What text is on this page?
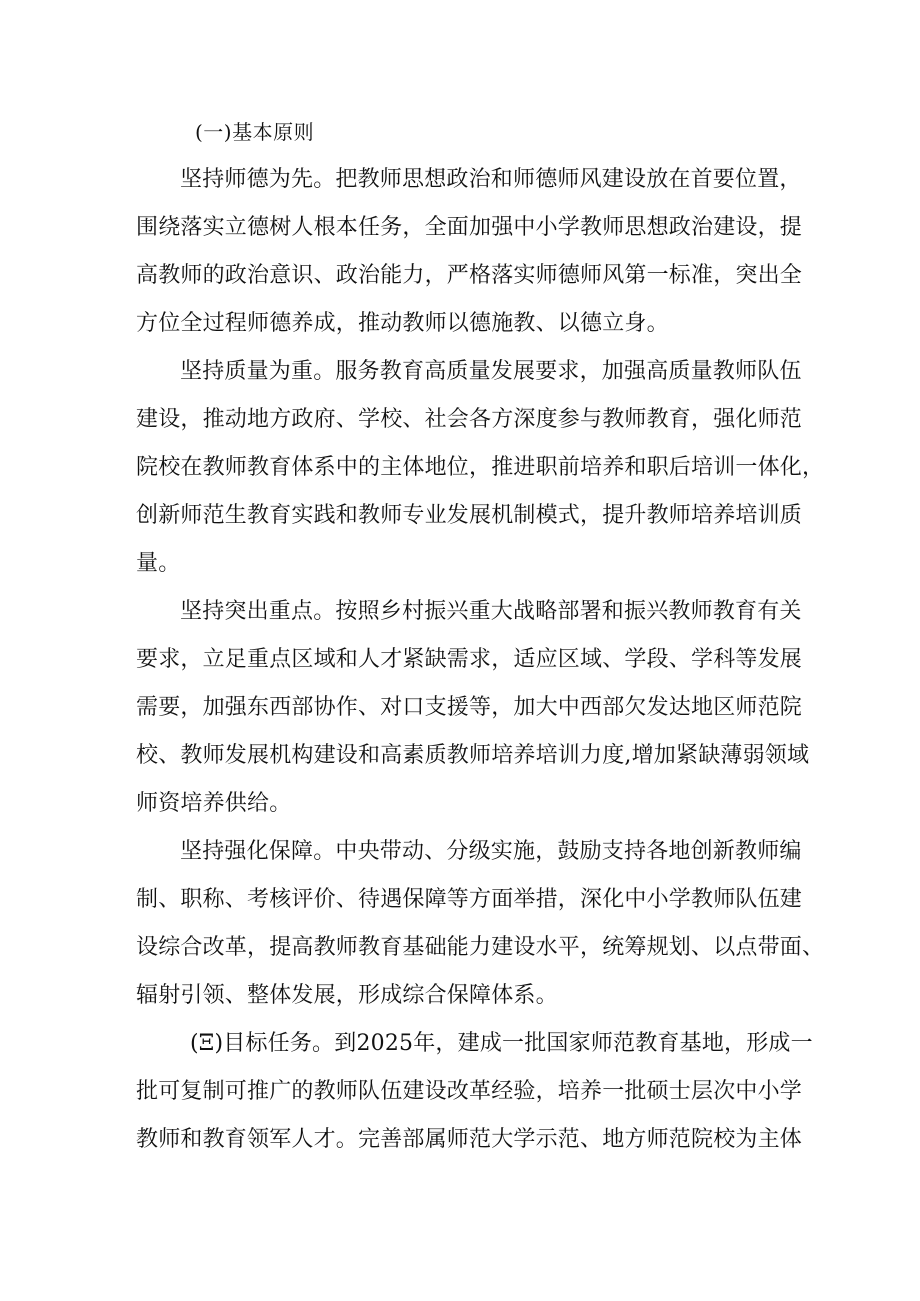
(一)基本原则
坚持师德为先。把教师思想政治和师德师风建设放在首要位置，
围绕落实立德树人根本任务，全面加强中小学教师思想政治建设，提
高教师的政治意识、政治能力，严格落实师德师风第一标准，突出全
方位全过程师德养成，推动教师以德施教、以德立身。
坚持质量为重。服务教育高质量发展要求，加强高质量教师队伍
建设，推动地方政府、学校、社会各方深度参与教师教育，强化师范
院校在教师教育体系中的主体地位，推进职前培养和职后培训一体化，
创新师范生教育实践和教师专业发展机制模式，提升教师培养培训质
量。
坚持突出重点。按照乡村振兴重大战略部署和振兴教师教育有关
要求，立足重点区域和人才紧缺需求，适应区域、学段、学科等发展
需要，加强东西部协作、对口支援等，加大中西部欠发达地区师范院
校、教师发展机构建设和高素质教师培养培训力度,增加紧缺薄弱领域
师资培养供给。
坚持强化保障。中央带动、分级实施，鼓励支持各地创新教师编
制、职称、考核评价、待遇保障等方面举措，深化中小学教师队伍建
设综合改革，提高教师教育基础能力建设水平，统筹规划、以点带面、
辐射引领、整体发展，形成综合保障体系。
(Ξ)目标任务。到2025年，建成一批国家师范教育基地，形成一
批可复制可推广的教师队伍建设改革经验，培养一批硕士层次中小学
教师和教育领军人才。完善部属师范大学示范、地方师范院校为主体
